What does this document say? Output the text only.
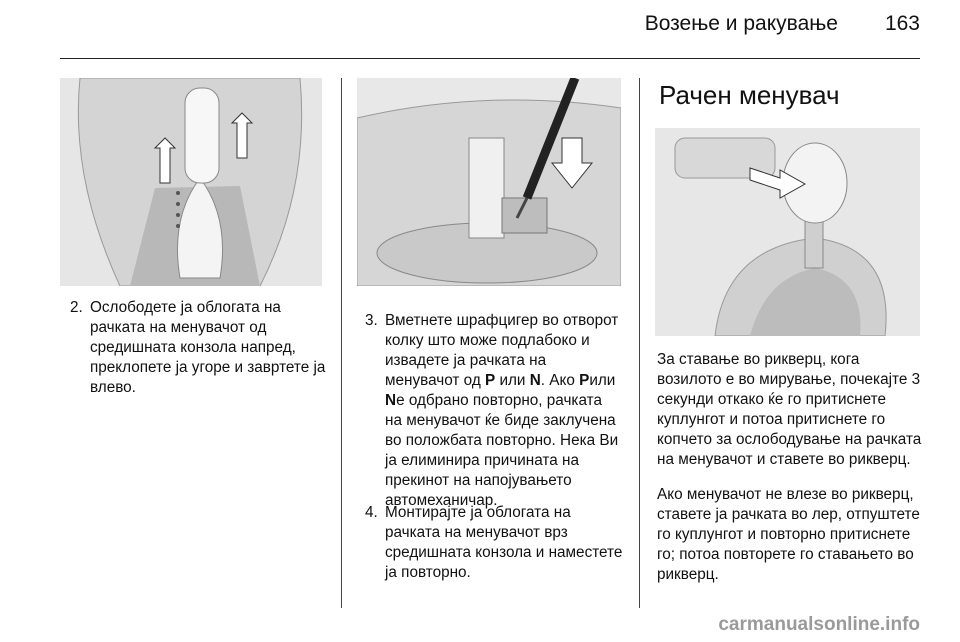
Возење и ракување 163
2. Ослободете ја облогата на рачката на менувачот од средишната конзола напред, преклопете ја угоре и завртете ја влево.
3. Вметнете шрафцигер во отворот колку што може подлабоко и извадете ја рачката на менувачот од P или N. Ако Рили Nе одбрано повторно, рачката на менувачот ќе биде заклучена во положбата повторно. Нека Ви ја елиминира причината на прекинот на напојувањето автомеханичар.
4. Монтирајте ја облогата на рачката на менувачот врз средишната конзола и наместете ја повторно.
Рачен менувач
За ставање во рикверц, кога возилото е во мирување, почекајте 3 секунди откако ќе го притиснете куплунгот и потоа притиснете го копчето за ослободување на рачката на менувачот и ставете во рикверц.
Ако менувачот не влезе во рикверц, ставете ја рачката во лер, отпуштете го куплунгот и повторно притиснете го; потоа повторете го ставањето во рикверц.
carmanualsonline.info
